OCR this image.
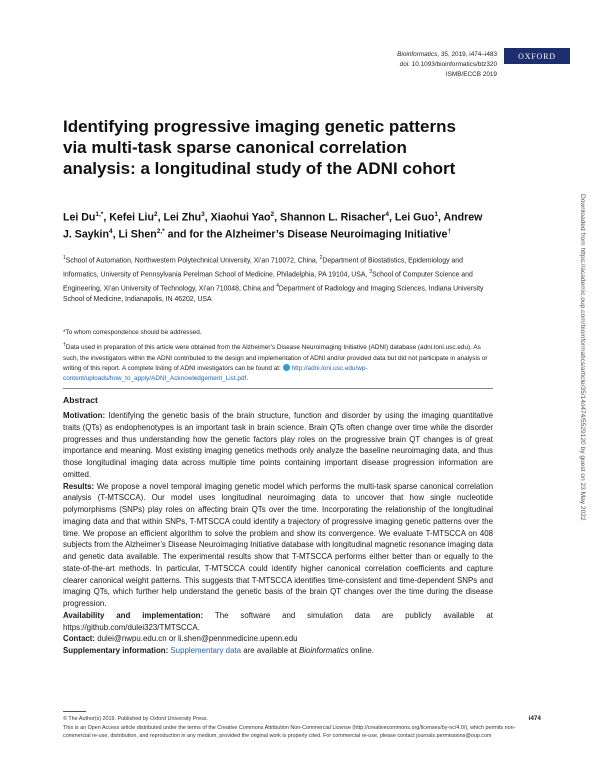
Bioinformatics, 35, 2019, i474–i483
doi: 10.1093/bioinformatics/btz320
ISMB/ECCB 2019
OXFORD
Identifying progressive imaging genetic patterns via multi-task sparse canonical correlation analysis: a longitudinal study of the ADNI cohort
Lei $Du^{1,*}$, Kefei Liu$^2$, Lei Zhu$^3$, Xiaohui Yao$^2$, Shannon L. Risacher$^4$, Lei Guo$^1$, Andrew J. Saykin$^4$, Li Shen$^{2,*}$ and for the Alzheimer’s Disease Neuroimaging Initiative†
$^1$School of Automation, Northwestern Polytechnical University, Xi’an 710072, China, $^2$Department of Biostatistics, Epidemiology and Informatics, University of Pennsylvania Perelman School of Medicine, Philadelphia, PA 19104, USA, $^3$School of Computer Science and Engineering, Xi’an University of Technology, Xi’an 710048, China and $^4$Department of Radiology and Imaging Sciences, Indiana University School of Medicine, Indianapolis, IN 46202, USA

*To whom correspondence should be addressed.

†Data used in preparation of this article were obtained from the Alzheimer’s Disease Neuroimaging Initiative (ADNI) database (adni.loni.usc.edu). As such, the investigators within the ADNI contributed to the design and implementation of ADNI and/or provided data but did not participate in analysis or writing of this report. A complete listing of ADNI investigators can be found at: http://adni.loni.usc.edu/wp-content/uploads/how_to_apply/ADNI_Acknowledgement_List.pdf.

Abstract

Motivation: Identifying the genetic basis of the brain structure, function and disorder by using the imaging quantitative traits (QTs) as endophenotypes is an important task in brain science. Brain QTs often change over time while the disorder progresses and thus understanding how the genetic factors play roles on the progressive brain QT changes is of great importance and meaning. Most existing imaging genetics methods only analyze the baseline neuroimaging data, and thus those longitudinal imaging data across multiple time points containing important disease progression information are omitted.

Results: We propose a novel temporal imaging genetic model which performs the multi-task sparse canonical correlation analysis (T-MTSCCA). Our model uses longitudinal neuroimaging data to uncover that how single nucleotide polymorphisms (SNPs) play roles on affecting brain QTs over the time. Incorporating the relationship of the longitudinal imaging data and that within SNPs, T-MTSCCA could identify a trajectory of progressive imaging genetic patterns over the time. We propose an efficient algorithm to solve the problem and show its convergence. We evaluate T-MTSCCA on 408 subjects from the Alzheimer’s Disease Neuroimaging Initiative database with longitudinal magnetic resonance imaging data and genetic data available. The experimental results show that T-MTSCCA performs either better than or equally to the state-of-the-art methods. In particular, T-MTSCCA could identify higher canonical correlation coefficients and capture clearer canonical weight patterns. This suggests that T-MTSCCA identifies time-consistent and time-dependent SNPs and imaging QTs, which further help understand the genetic basis of the brain QT changes over the time during the disease progression.

Availability and implementation: The software and simulation data are publicly available at https://github.com/dulei323/TMTSCCA.

Contact: dulei@nwpu.edu.cn or li.shen@pennmedicine.upenn.edu

Supplementary information: Supplementary data are available at Bioinformatics online.

© The Author(s) 2019. Published by Oxford University Press.
This is an Open Access article distributed under the terms of the Creative Commons Attribution Non-Commercial License (http://creativecommons.org/licenses/by-nc/4.0/), which permits non-commercial re-use, distribution, and reproduction in any medium, provided the original work is properly cited. For commercial re-use, please contact journals.permissions@oup.com
i474
Downloaded from https://academic.oup.com/bioinformatics/article/35/14/i474/5529120 by guest on 23 May 2022
